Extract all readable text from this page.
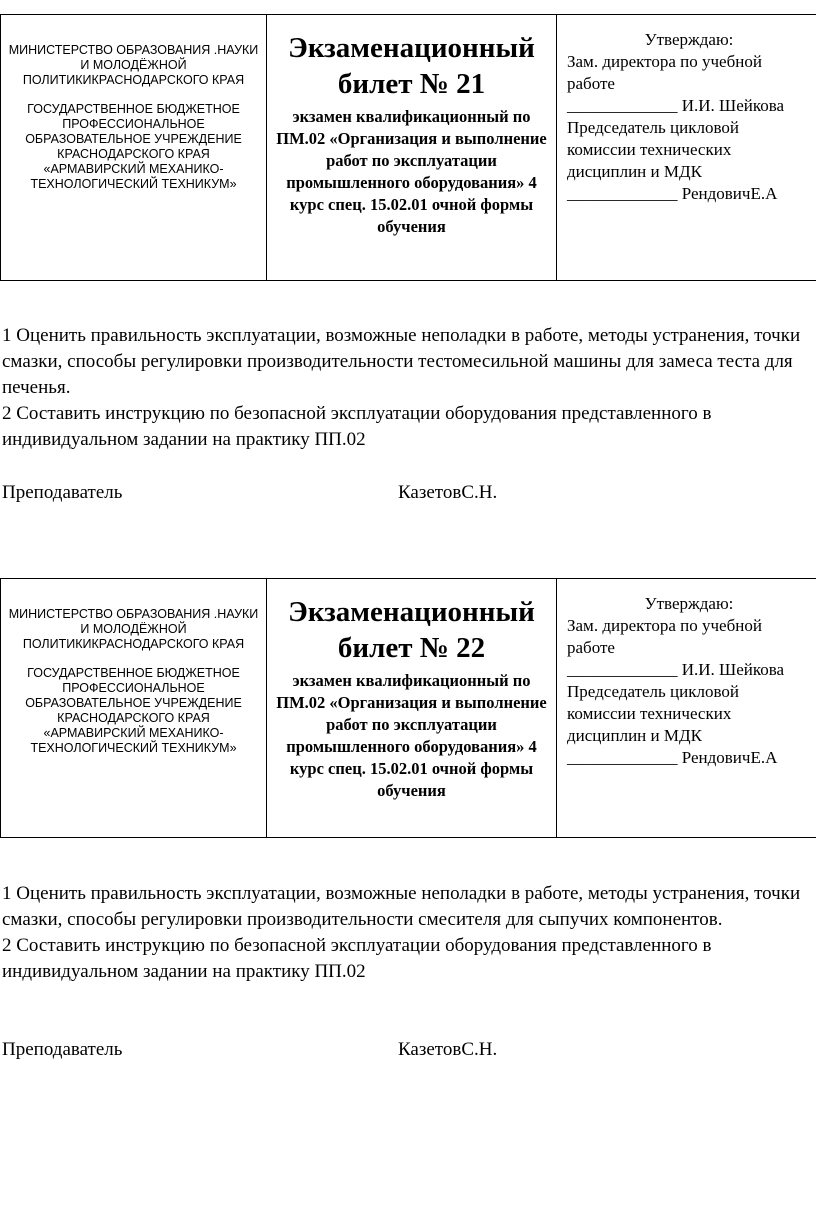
МИНИСТЕРСТВО ОБРАЗОВАНИЯ .НАУКИ И МОЛОДЁЖНОЙ ПОЛИТИКИКРАСНОДАРСКОГО КРАЯ
ГОСУДАРСТВЕННОЕ БЮДЖЕТНОЕ ПРОФЕССИОНАЛЬНОЕ ОБРАЗОВАТЕЛЬНОЕ УЧРЕЖДЕНИЕ КРАСНОДАРСКОГО КРАЯ «АРМАВИРСКИЙ МЕХАНИКО-ТЕХНОЛОГИЧЕСКИЙ ТЕХНИКУМ»

Экзаменационный
билет № 21
экзамен квалификационный по ПМ.02 «Организация и выполнение работ по эксплуатации промышленного оборудования» 4 курс спец. 15.02.01 очной формы обучения

Утверждаю:
Зам. директора по учебной работе
_____________ И.И. Шейкова
Председатель цикловой комиссии технических дисциплин и МДК
_____________ РендовичЕ.А
1 Оценить правильность эксплуатации, возможные неполадки в работе, методы устранения, точки смазки, способы регулировки производительности тестомесильной машины для замеса теста для печенья.
2 Составить инструкцию по безопасной эксплуатации оборудования представленного в индивидуальном задании на практику ПП.02
Преподаватель	КазетовС.Н.
МИНИСТЕРСТВО ОБРАЗОВАНИЯ .НАУКИ И МОЛОДЁЖНОЙ ПОЛИТИКИКРАСНОДАРСКОГО КРАЯ
ГОСУДАРСТВЕННОЕ БЮДЖЕТНОЕ ПРОФЕССИОНАЛЬНОЕ ОБРАЗОВАТЕЛЬНОЕ УЧРЕЖДЕНИЕ КРАСНОДАРСКОГО КРАЯ «АРМАВИРСКИЙ МЕХАНИКО-ТЕХНОЛОГИЧЕСКИЙ ТЕХНИКУМ»

Экзаменационный
билет № 22
экзамен квалификационный по ПМ.02 «Организация и выполнение работ по эксплуатации промышленного оборудования» 4 курс спец. 15.02.01 очной формы обучения

Утверждаю:
Зам. директора по учебной работе
_____________ И.И. Шейкова
Председатель цикловой комиссии технических дисциплин и МДК
_____________ РендовичЕ.А
1 Оценить правильность эксплуатации, возможные неполадки в работе, методы устранения, точки смазки, способы регулировки производительности смесителя для сыпучих компонентов.
2 Составить инструкцию по безопасной эксплуатации оборудования представленного в индивидуальном задании на практику ПП.02
Преподаватель	КазетовС.Н.
